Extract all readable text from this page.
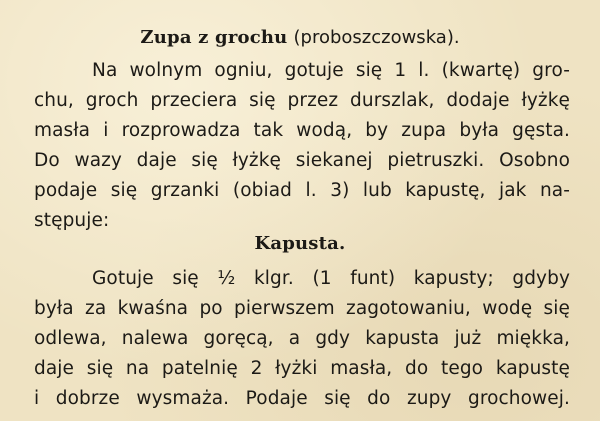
Zupa z grochu (proboszczowska).
Na wolnym ogniu, gotuje się 1 l. (kwartę) gro-
chu, groch przeciera się przez durszlak, dodaje łyżkę
masła i rozprowadza tak wodą, by zupa była gęsta.
Do wazy daje się łyżkę siekanej pietruszki. Osobno
podaje się grzanki (obiad l. 3) lub kapustę, jak na-
stępuje:
Kapusta.
Gotuje się ½ klgr. (1 funt) kapusty; gdyby
była za kwaśna po pierwszem zagotowaniu, wodę się
odlewa, nalewa goręcą, a gdy kapusta już miękka,
daje się na patelnię 2 łyżki masła, do tego kapustę
i dobrze wysmaża. Podaje się do zupy grochowej.
